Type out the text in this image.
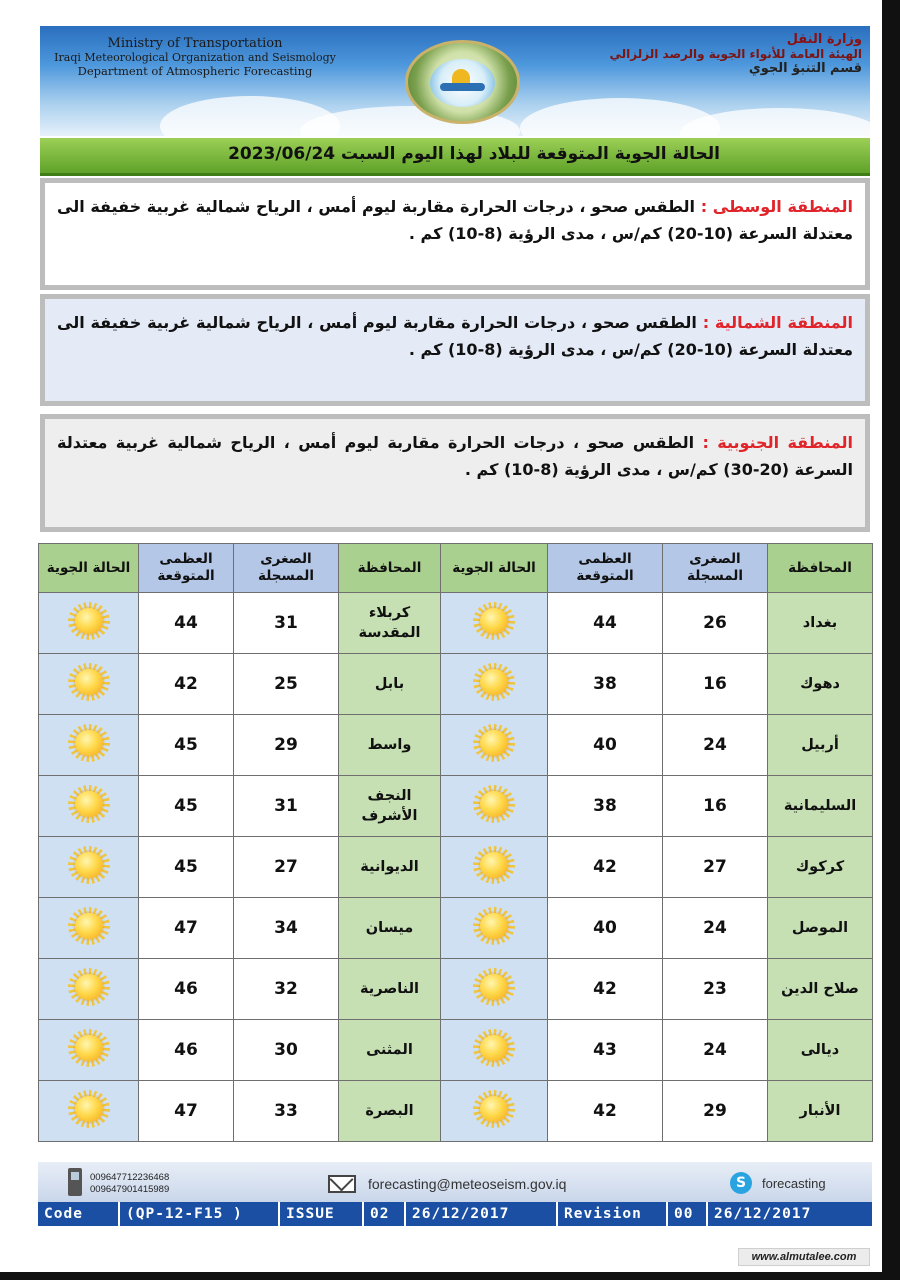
Ministry of Transportation
Iraqi Meteorological Organization and Seismology
Department of Atmospheric Forecasting
وزارة النقل
الهيئة العامة للأنواء الجوية والرصد الزلزالي
قسم التنبؤ الجوي
الحالة الجوية المتوقعة للبلاد لهذا اليوم السبت 2023/06/24
المنطقة الوسطى : الطقس صحو ، درجات الحرارة مقاربة ليوم أمس ، الرياح شمالية غربية خفيفة الى معتدلة السرعة (10-20) كم/س ، مدى الرؤية (8-10) كم .
المنطقة الشمالية : الطقس صحو ، درجات الحرارة مقاربة ليوم أمس ، الرياح شمالية غربية خفيفة الى معتدلة السرعة (10-20) كم/س ، مدى الرؤية (8-10) كم .
المنطقة الجنوبية : الطقس صحو ، درجات الحرارة مقاربة ليوم أمس ، الرياح شمالية غربية معتدلة السرعة (20-30) كم/س ، مدى الرؤية (8-10) كم .
المحافظة	الصغرى المسجلة	العظمى المتوقعة	الحالة الجوية	المحافظة	الصغرى المسجلة	العظمى المتوقعة	الحالة الجوية
بغداد	26	44		كربلاء المقدسة	31	44	

دهوك	16	38		بابل	25	42	

أربيل	24	40		واسط	29	45	

السليمانية	16	38		النجف الأشرف	31	45	

كركوك	27	42		الديوانية	27	45	

الموصل	24	40		ميسان	34	47	

صلاح الدين	23	42		الناصرية	32	46	

ديالى	24	43		المثنى	30	46	

الأنبار	29	42		البصرة	33	47	
009647712236468
009647901415989	forecasting@meteoseism.gov.iq	S	forecasting
Code	(QP-12-F15 )	ISSUE	02	26/12/2017	Revision	00	26/12/2017
www.almutalee.com
